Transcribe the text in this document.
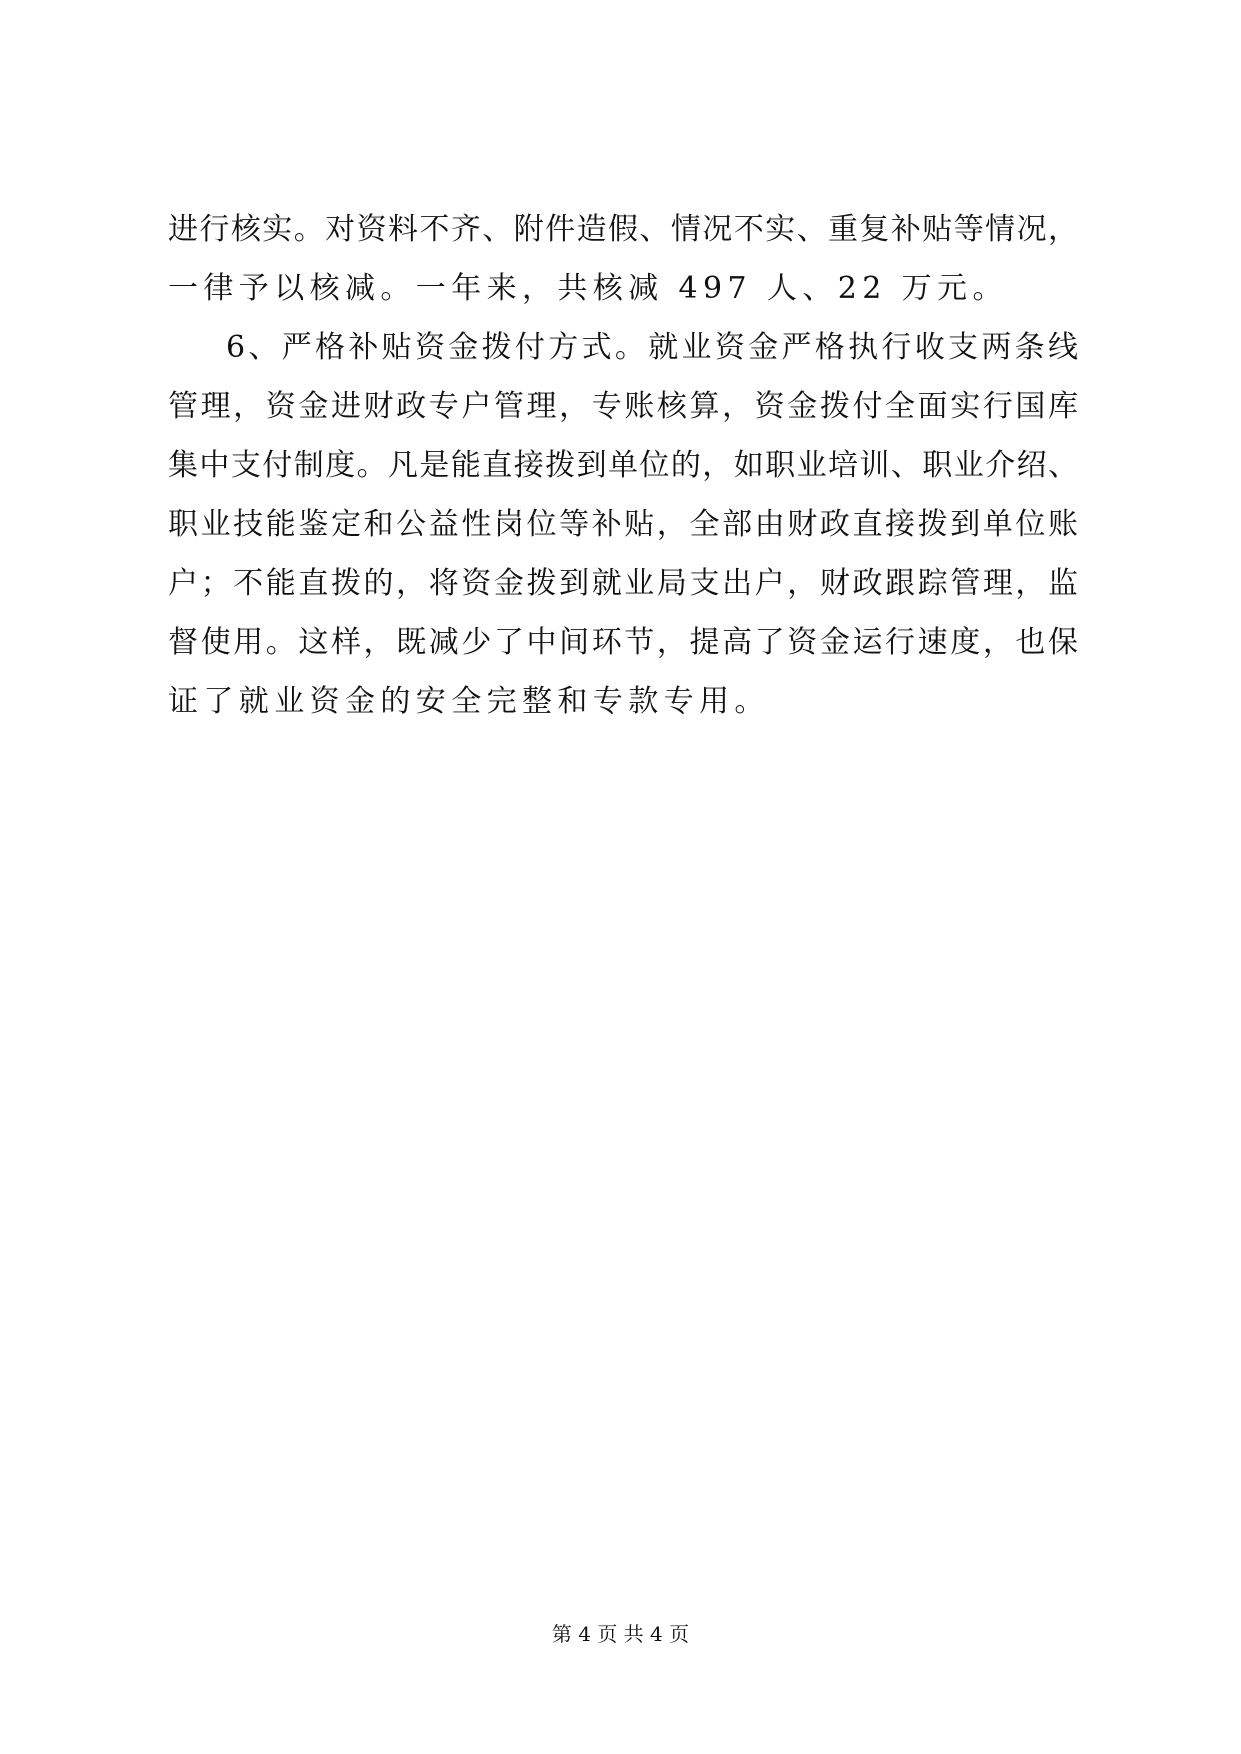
进行核实。对资料不齐、附件造假、情况不实、重复补贴等情况，
一律予以核减。一年来，共核减 497 人、22 万元。
6、严格补贴资金拨付方式。就业资金严格执行收支两条线
管理，资金进财政专户管理，专账核算，资金拨付全面实行国库
集中支付制度。凡是能直接拨到单位的，如职业培训、职业介绍、
职业技能鉴定和公益性岗位等补贴，全部由财政直接拨到单位账
户；不能直拨的，将资金拨到就业局支出户，财政跟踪管理，监
督使用。这样，既减少了中间环节，提高了资金运行速度，也保
证了就业资金的安全完整和专款专用。
第 4 页 共 4 页
